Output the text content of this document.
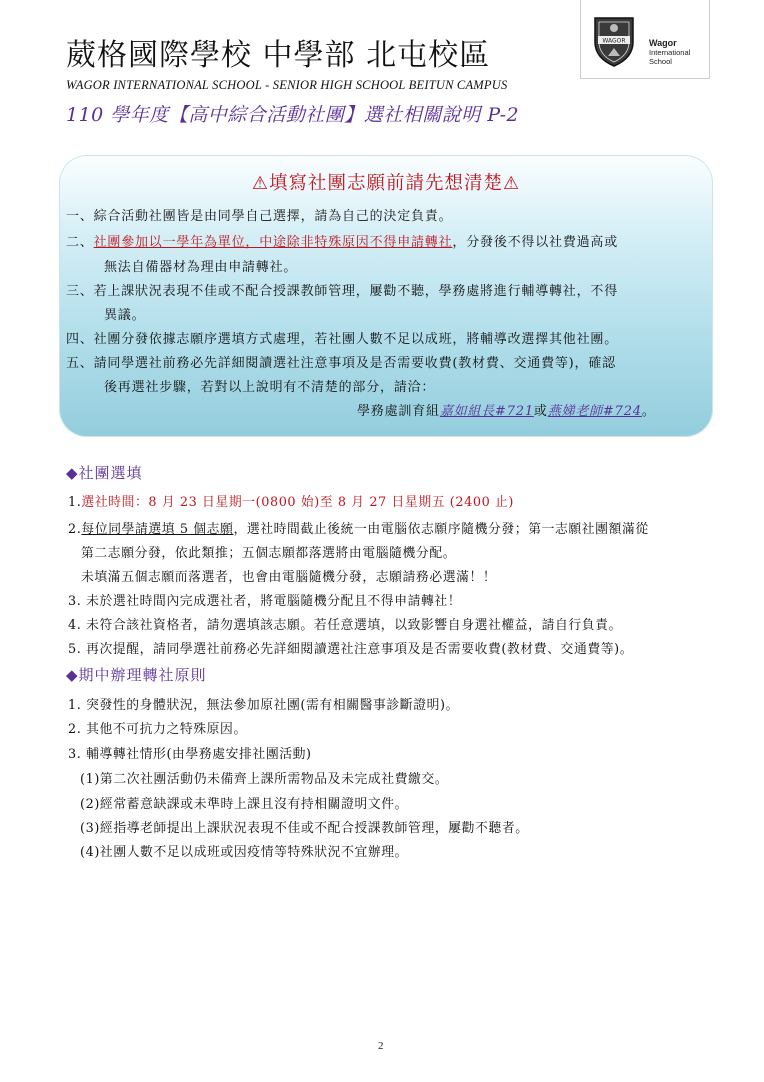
葳格國際學校 中學部 北屯校區
WAGOR INTERNATIONAL SCHOOL - SENIOR HIGH SCHOOL BEITUN CAMPUS
110 學年度【高中綜合活動社團】選社相關說明 P-2
WAGOR	Wagor
International
School
⚠填寫社團志願前請先想清楚⚠
一、綜合活動社團皆是由同學自己選擇，請為自己的決定負責。
二、社團參加以一學年為單位，中途除非特殊原因不得申請轉社，分發後不得以社費過高或
無法自備器材為理由申請轉社。
三、若上課狀況表現不佳或不配合授課教師管理，屢勸不聽，學務處將進行輔導轉社，不得
異議。
四、社團分發依據志願序選填方式處理，若社團人數不足以成班，將輔導改選擇其他社團。
五、請同學選社前務必先詳細閱讀選社注意事項及是否需要收費(教材費、交通費等)，確認
後再選社步驟，若對以上說明有不清楚的部分，請洽：
學務處訓育組嘉如組長#721或燕娣老師#724。
◆社團選填
1.選社時間：8 月 23 日星期一(0800 始)至 8 月 27 日星期五 (2400 止)
2.每位同學請選填 5 個志願，選社時間截止後統一由電腦依志願序隨機分發；第一志願社團額滿從
第二志願分發，依此類推；五個志願都落選將由電腦隨機分配。
未填滿五個志願而落選者，也會由電腦隨機分發，志願請務必選滿！！
3. 未於選社時間內完成選社者，將電腦隨機分配且不得申請轉社！
4. 未符合該社資格者，請勿選填該志願。若任意選填，以致影響自身選社權益，請自行負責。
5. 再次提醒，請同學選社前務必先詳細閱讀選社注意事項及是否需要收費(教材費、交通費等)。
◆期中辦理轉社原則
1. 突發性的身體狀況，無法參加原社團(需有相關醫事診斷證明)。
2. 其他不可抗力之特殊原因。
3. 輔導轉社情形(由學務處安排社團活動)
(1)第二次社團活動仍未備齊上課所需物品及未完成社費繳交。
(2)經常蓄意缺課或未準時上課且沒有持相關證明文件。
(3)經指導老師提出上課狀況表現不佳或不配合授課教師管理，屢勸不聽者。
(4)社團人數不足以成班或因疫情等特殊狀況不宜辦理。
2
